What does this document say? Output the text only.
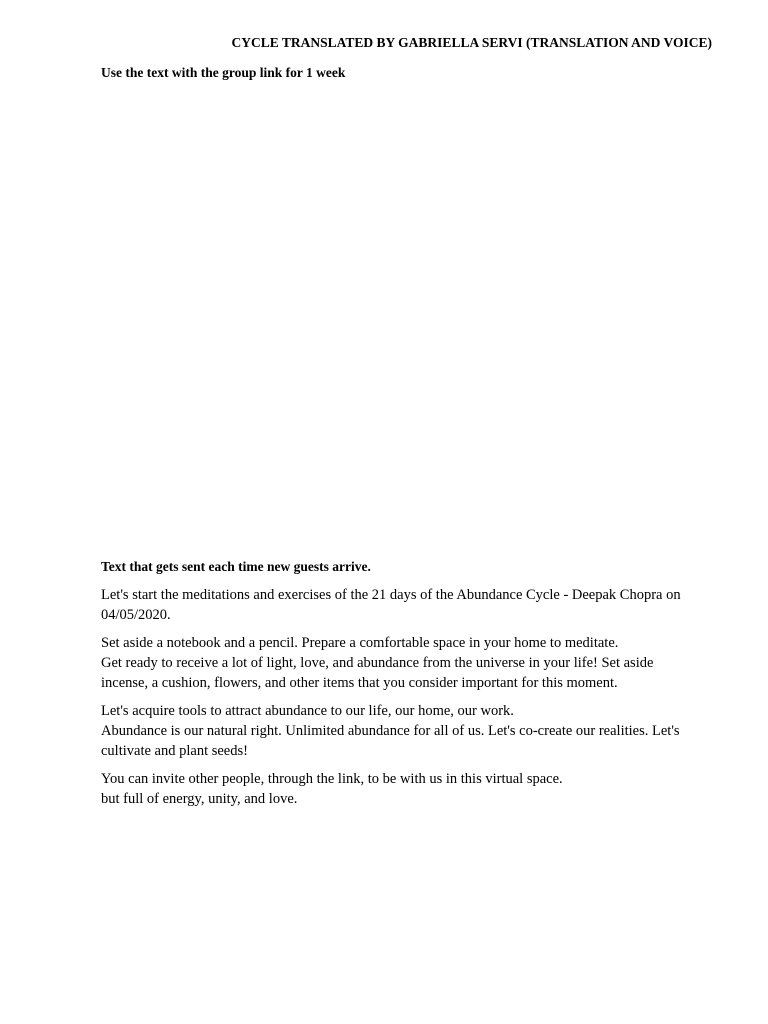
CYCLE TRANSLATED BY GABRIELLA SERVI (TRANSLATION AND VOICE)

Use the text with the group link for 1 week

Text that gets sent each time new guests arrive.

Let's start the meditations and exercises of the 21 days of the Abundance Cycle - Deepak Chopra on 04/05/2020.

Set aside a notebook and a pencil. Prepare a comfortable space in your home to meditate.
Get ready to receive a lot of light, love, and abundance from the universe in your life! Set aside incense, a cushion, flowers, and other items that you consider important for this moment.

Let's acquire tools to attract abundance to our life, our home, our work.
Abundance is our natural right. Unlimited abundance for all of us. Let's co-create our realities. Let's cultivate and plant seeds!

You can invite other people, through the link, to be with us in this virtual space.
but full of energy, unity, and love.
